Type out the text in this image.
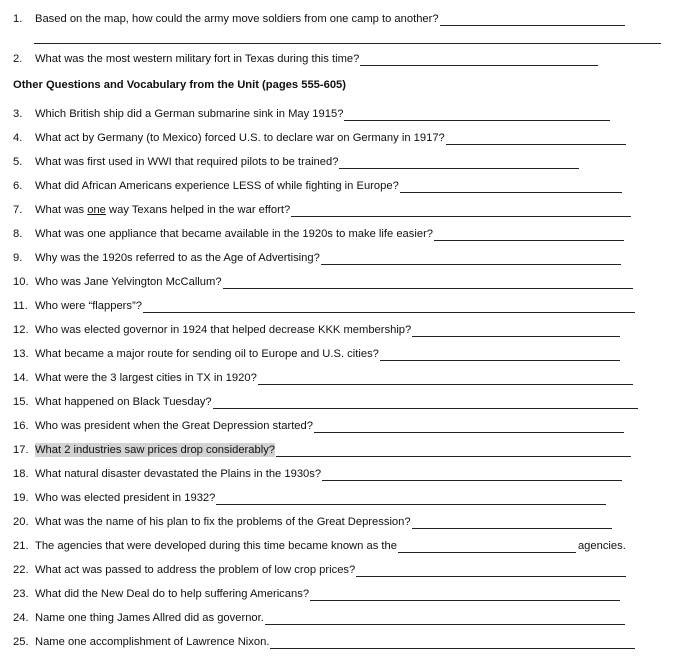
1.	Based on the map, how could the army move soldiers from one camp to another?
2.	What was the most western military fort in Texas during this time?
Other Questions and Vocabulary from the Unit (pages 555-605)
3.	Which British ship did a German submarine sink in May 1915?
4.	What act by Germany (to Mexico) forced U.S. to declare war on Germany in 1917?
5.	What was first used in WWI that required pilots to be trained?
6.	What did African Americans experience LESS of while fighting in Europe?
7.	What was one way Texans helped in the war effort?
8.	What was one appliance that became available in the 1920s to make life easier?
9.	Why was the 1920s referred to as the Age of Advertising?
10. Who was Jane Yelvington McCallum?
11. Who were “flappers”?
12. Who was elected governor in 1924 that helped decrease KKK membership?
13. What became a major route for sending oil to Europe and U.S. cities?
14. What were the 3 largest cities in TX in 1920?
15. What happened on Black Tuesday?
16. Who was president when the Great Depression started?
17. What 2 industries saw prices drop considerably?
18. What natural disaster devastated the Plains in the 1930s?
19. Who was elected president in 1932?
20. What was the name of his plan to fix the problems of the Great Depression?
21. The agencies that were developed during this time became known as the	agencies.
22. What act was passed to address the problem of low crop prices?
23. What did the New Deal do to help suffering Americans?
24. Name one thing James Allred did as governor.
25. Name one accomplishment of Lawrence Nixon.
